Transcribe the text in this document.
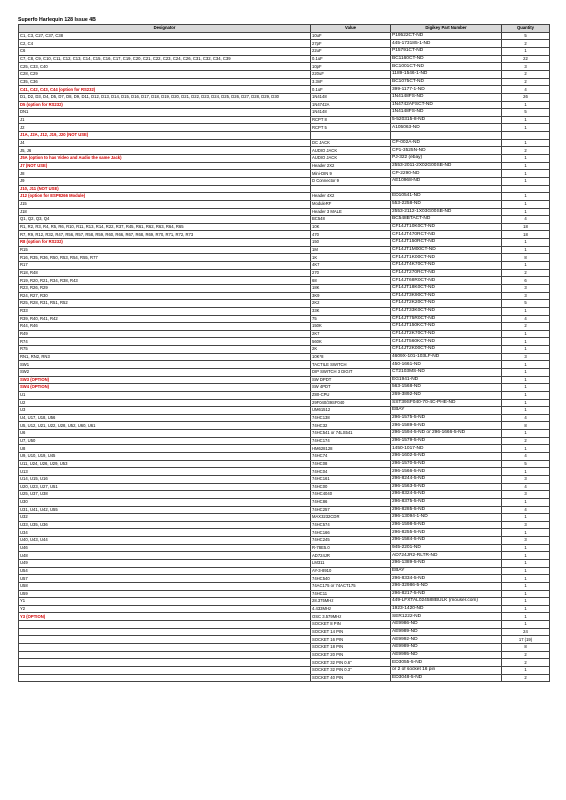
Superfo Harlequin 128 Issue 4B
Designator	Value	Digikey Part Number	Quantity
C1, C3, C27, C37, C38	10uF	P19522CT-ND	5
C2, C4	27pF	445-173185-1-ND	2
C6	22uF	P15791CT-ND	1
C7, C8, C9, C10, C11, C12, C13, C14, C15, C16, C17, C19, C20, C21, C22, C23, C24, C26, C31, C32, C34, C39	0.1uF	BC1160CT-ND	22
C25, C33, C40	10pF	BC1001CT-ND	3
C28, C29	220uF	1189-1546-1-ND	2
C35, C36	3.3nF	BC1075CT-ND	2
C41, C42, C43, C44 (option for RS232)	0.1uF	399-1177-1-ND	4
D1, D2, D3, D4, D5, D7, D8, D9, D11, D12, D13, D14, D15, D16, D17, D18, D19, D20, D21, D22, D23, D24, D25, D26, D27, D28, D29, D30	1N4148	1N4148FS-ND	26
D5 (option for RS232)	1N4742A	1N4742AFSCT-ND	1
DN1	1N4148	1N4148FS-ND	5
J1	RCPT 8	5-520315-8-ND	1
J2	RCPT 5	A105063-ND	1
J1A, J2A, J12, J19, J20 (NOT USE)			
J4	DC JACK	CP-002A-ND	1
J5, J6	AUDIO JACK	CP1-3525N-ND	2
J5A (option to has Video and Audio the same Jack)	AUDIO JACK	PJ-322 (ebay)	1
J7 (NOT USE)	Header 2X2	2553-2011-2X02G00SB-ND	1
J8	Mini-DIN 9	CP-2290-ND	1
J9	D Connector 9	AE10968-ND	1
J10, J11 (NOT USE)			
J12 (option for ESP8266 Module)	Header 4X2	ED10541-ND	1
J15	ModuleRF	553-2258-ND	1
J18	Header 3 MALE	2553-2112-1X03G00SB-ND	1
Q1, Q2, Q3, Q4	BC548	BC548BTACT-ND	4
R1, R2, R3, R4, R5, R6, R10, R11, R13, R14, R22, R37, R45, R61, R62, R63, R64, R65	10K	CF14JT10K0CT-ND	18
R7, R9, R12, R32, R47, R56, R57, R58, R59, R60, R66, R67, R68, R69, R70, R71, R72, R73	470	CF14JT470RCT-ND	18
R8 (option for RS232)	150	CF14JT150RCT-ND	1
R15	1M	CF14JT1M00CT-ND	1
R16, R35, R36, R50, R53, R54, R55, R77	1K	CF14JT1K00CT-ND	8
R17	4K7	CF14JT4K70CT-ND	1
R18, R48	270	CF14JT270RCT-ND	2
R19, R20, R21, R34, R38, R43	68	CF14JT68R0CT-ND	6
R23, R26, R29	18K	CF14JT18K0CT-ND	3
R24, R27, R30	3K9	CF14JT3K90CT-ND	3
R25, R28, R31, R51, R52	2K2	CF14JT2K20CT-ND	5
R33	33K	CF14JT33K0CT-ND	1
R39, R40, R41, R42	75	CF14JT75R0CT-ND	4
R44, R46	150K	CF14JT150KCT-ND	2
R49	2K7	CF14JT2K70CT-ND	1
R74	560K	CF14JT560KCT-ND	1
R75	2K	CF14JT2K00CT-ND	1
RN1, RN2, RN3	10K*8	4609X-101-103LF-ND	3
SW1	TACTILE SWITCH	450-1661-ND	1
SW2	DIP SWITCH 3 DIGIT	CT2103MS-ND	1
SW3 (OPTION)	SW DPDT	EG1941-ND	1
SW4 (OPTION)	SW 4PDT	563-1568-ND	1
U1	Z80-CPU	269-3892-ND	1
U2	29F040/39SF040	SST39SF040-70-4C-PHE-ND	1
U3	UM61512	EBAY	1
U4, U17, U18, U56	74HC138	296-1575-5-ND	4
U5, U12, U21, U22, U28, U52, U60, U61	74HC32	296-1589-5-ND	8
U6	74HC541 or 74LS541	296-1594-5-ND or 296-1666-5-ND	1
U7, U50	74HC174	296-1579-5-ND	2
U8	HM628128	1450-1017-ND	1
U9, U10, U19, U45	74HC74	296-1602-5-ND	4
U11, U24, U26, U29, U53	74HC08	296-1570-5-ND	5
U13	74HC04	296-1566-5-ND	1
U14, U15, U16	74HC161	296-8244-5-ND	3
U20, U23, U27, U51	74HC00	296-1563-5-ND	4
U25, U37, U38	74HC4040	296-8324-5-ND	3
U30	74HC86	296-8375-5-ND	1
U31, U41, U42, U55	74HC257	296-8285-5-ND	4
U32	MAX3232CDR	296-13094-1-ND	1
U33, U35, U36	74HC574	296-1598-5-ND	3
U34	74HC166	296-8255-5-ND	1
U40, U43, U44	74HC245	296-1584-5-ND	3
U46	R-78E5.0	945-2201-ND	1
U48	AD724JR	AD724JR2-RLTR-ND	1
U49	LM311	296-1389-5-ND	1
U54	AY-3-8910	EBAY	1
U57	74HC540	296-8334-5-ND	1
U58	74AC175 or 74ACT175	296-32986-5-ND	1
U59	74HC11	296-8217-5-ND	1
Y1	28.375MHz	449-LFXTAL024588BULK (mouser.com)	1
Y2	4.433MHz	1923-1420-ND	1
Y3 (OPTION)	OSC 3.579MHz	SER1222-ND	1
	SOCKET 8 PIN	AE9986-ND	1
	SOCKET 14 PIN	AE9989-ND	24
	SOCKET 16 PIN	AE9992-ND	17 (19)
	SOCKET 18 PIN	AE9989-ND	8
	SOCKET 20 PIN	AE9995-ND	2
	SOCKET 32 PIN 0.6"	ED3055-5-ND	2
	SOCKET 32 PIN 0.3"	or 2 of socket 16 pin	1
	SOCKET 40 PIN	ED3048-5-ND	2
